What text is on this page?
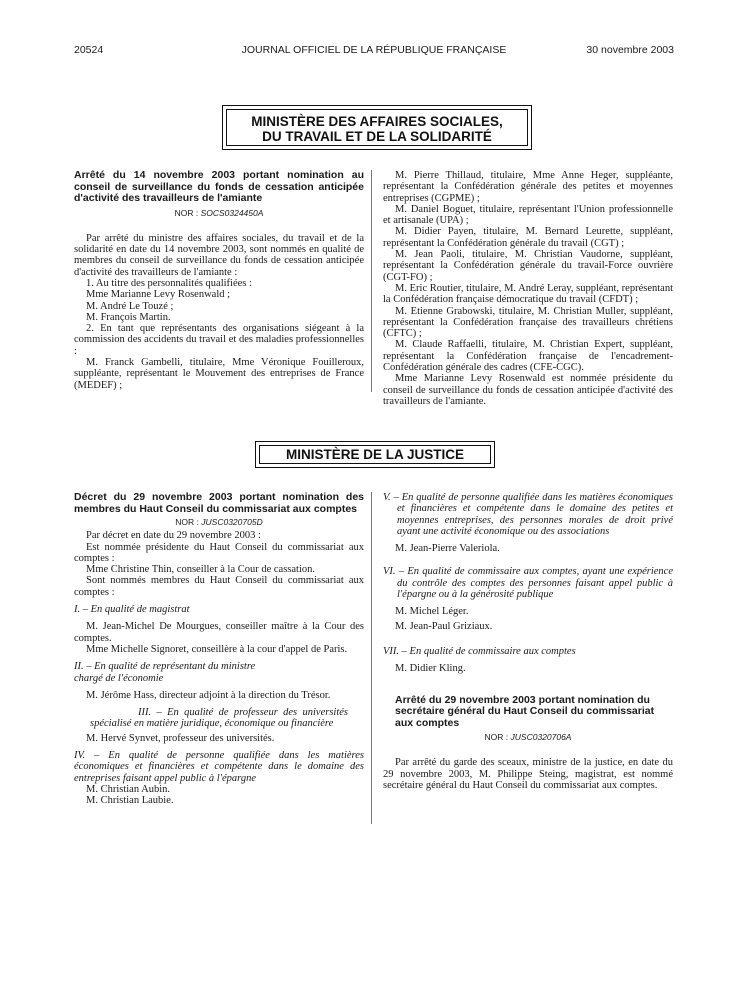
20524	JOURNAL OFFICIEL DE LA RÉPUBLIQUE FRANÇAISE	30 novembre 2003
MINISTÈRE DES AFFAIRES SOCIALES,
DU TRAVAIL ET DE LA SOLIDARITÉ
Arrêté du 14 novembre 2003 portant nomination au conseil de surveillance du fonds de cessation anticipée d'activité des travailleurs de l'amiante
NOR : SOCS0324450A

Par arrêté du ministre des affaires sociales, du travail et de la solidarité en date du 14 novembre 2003, sont nommés en qualité de membres du conseil de surveillance du fonds de cessation anticipée d'activité des travailleurs de l'amiante :

1. Au titre des personnalités qualifiées :

Mme Marianne Levy Rosenwald ;

M. André Le Touzé ;

M. François Martin.

2. En tant que représentants des organisations siégeant à la commission des accidents du travail et des maladies professionnelles :

M. Franck Gambelli, titulaire, Mme Véronique Fouilleroux, suppléante, représentant le Mouvement des entreprises de France (MEDEF) ;

M. Pierre Thillaud, titulaire, Mme Anne Heger, suppléante, représentant la Confédération générale des petites et moyennes entreprises (CGPME) ;

M. Daniel Boguet, titulaire, représentant l'Union professionnelle et artisanale (UPA) ;

M. Didier Payen, titulaire, M. Bernard Leurette, suppléant, représentant la Confédération générale du travail (CGT) ;

M. Jean Paoli, titulaire, M. Christian Vaudorne, suppléant, représentant la Confédération générale du travail-Force ouvrière (CGT-FO) ;

M. Eric Routier, titulaire, M. André Leray, suppléant, représentant la Confédération française démocratique du travail (CFDT) ;

M. Etienne Grabowski, titulaire, M. Christian Muller, suppléant, représentant la Confédération française des travailleurs chrétiens (CFTC) ;

M. Claude Raffaelli, titulaire, M. Christian Expert, suppléant, représentant la Confédération française de l'encadrement-Confédération générale des cadres (CFE-CGC).

Mme Marianne Levy Rosenwald est nommée présidente du conseil de surveillance du fonds de cessation anticipée d'activité des travailleurs de l'amiante.

MINISTÈRE DE LA JUSTICE
Décret du 29 novembre 2003 portant nomination des membres du Haut Conseil du commissariat aux comptes
NOR : JUSC0320705D

Par décret en date du 29 novembre 2003 :

Est nommée présidente du Haut Conseil du commissariat aux comptes :

Mme Christine Thin, conseiller à la Cour de cassation.

Sont nommés membres du Haut Conseil du commissariat aux comptes :

I. – En qualité de magistrat

M. Jean-Michel De Mourgues, conseiller maître à la Cour des comptes.

Mme Michelle Signoret, conseillère à la cour d'appel de Paris.

II. – En qualité de représentant du ministre

chargé de l'économie

M. Jérôme Hass, directeur adjoint à la direction du Trésor.

III. – En qualité de professeur des universités spécialisé en matière juridique, économique ou financière

M. Hervé Synvet, professeur des universités.

IV. – En qualité de personne qualifiée dans les matières économiques et financières et compétente dans le domaine des entreprises faisant appel public à l'épargne

M. Christian Aubin.

M. Christian Laubie.

V. – En qualité de personne qualifiée dans les matières économiques et financières et compétente dans le domaine des petites et moyennes entreprises, des personnes morales de droit privé ayant une activité économique ou des associations

M. Jean-Pierre Valeriola.

VI. – En qualité de commissaire aux comptes, ayant une expérience du contrôle des comptes des personnes faisant appel public à l'épargne ou à la générosité publique

M. Michel Léger.

M. Jean-Paul Griziaux.

VII. – En qualité de commissaire aux comptes

M. Didier Kling.

Arrêté du 29 novembre 2003 portant nomination du secrétaire général du Haut Conseil du commissariat aux comptes
NOR : JUSC0320706A

Par arrêté du garde des sceaux, ministre de la justice, en date du 29 novembre 2003, M. Philippe Steing, magistrat, est nommé secrétaire général du Haut Conseil du commissariat aux comptes.
